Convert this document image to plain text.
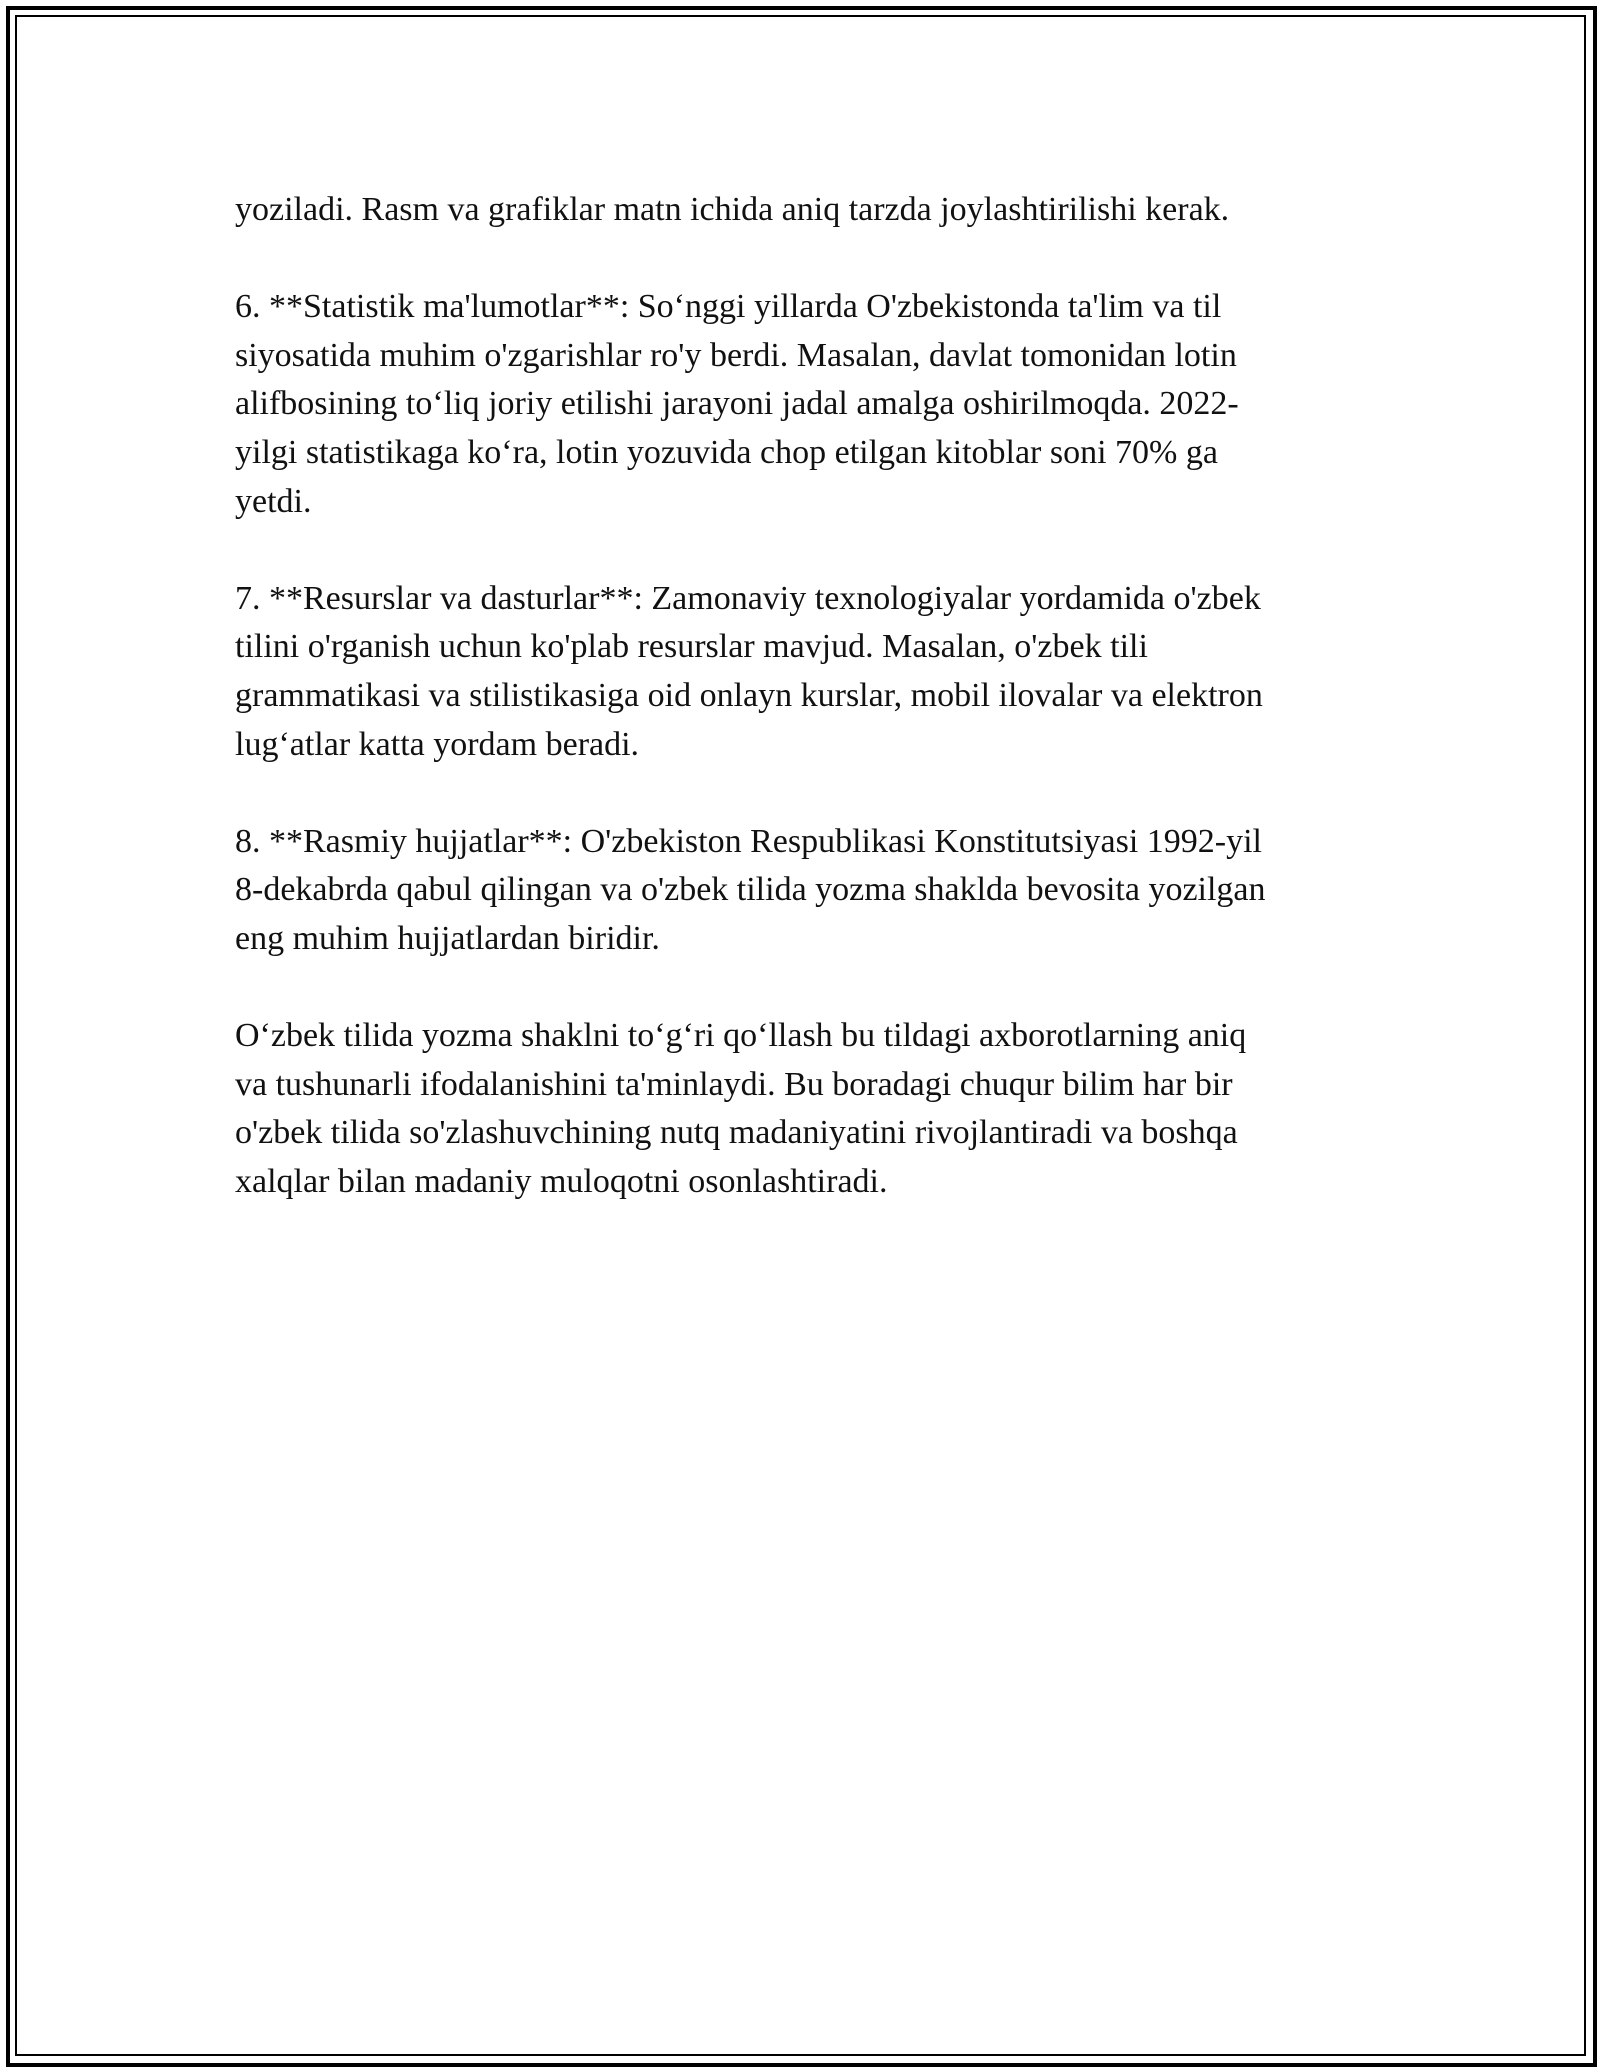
yoziladi. Rasm va grafiklar matn ichida aniq tarzda joylashtirilishi kerak.
6. **Statistik ma'lumotlar**: Soʻnggi yillarda O'zbekistonda ta'lim va til
siyosatida muhim o'zgarishlar ro'y berdi. Masalan, davlat tomonidan lotin
alifbosining toʻliq joriy etilishi jarayoni jadal amalga oshirilmoqda. 2022-
yilgi statistikaga koʻra, lotin yozuvida chop etilgan kitoblar soni 70% ga
yetdi.
7. **Resurslar va dasturlar**: Zamonaviy texnologiyalar yordamida o'zbek
tilini o'rganish uchun ko'plab resurslar mavjud. Masalan, o'zbek tili
grammatikasi va stilistikasiga oid onlayn kurslar, mobil ilovalar va elektron
lugʻatlar katta yordam beradi.
8. **Rasmiy hujjatlar**: O'zbekiston Respublikasi Konstitutsiyasi 1992-yil
8-dekabrda qabul qilingan va o'zbek tilida yozma shaklda bevosita yozilgan
eng muhim hujjatlardan biridir.
Oʻzbek tilida yozma shaklni toʻgʻri qoʻllash bu tildagi axborotlarning aniq
va tushunarli ifodalanishini ta'minlaydi. Bu boradagi chuqur bilim har bir
o'zbek tilida so'zlashuvchining nutq madaniyatini rivojlantiradi va boshqa
xalqlar bilan madaniy muloqotni osonlashtiradi.
